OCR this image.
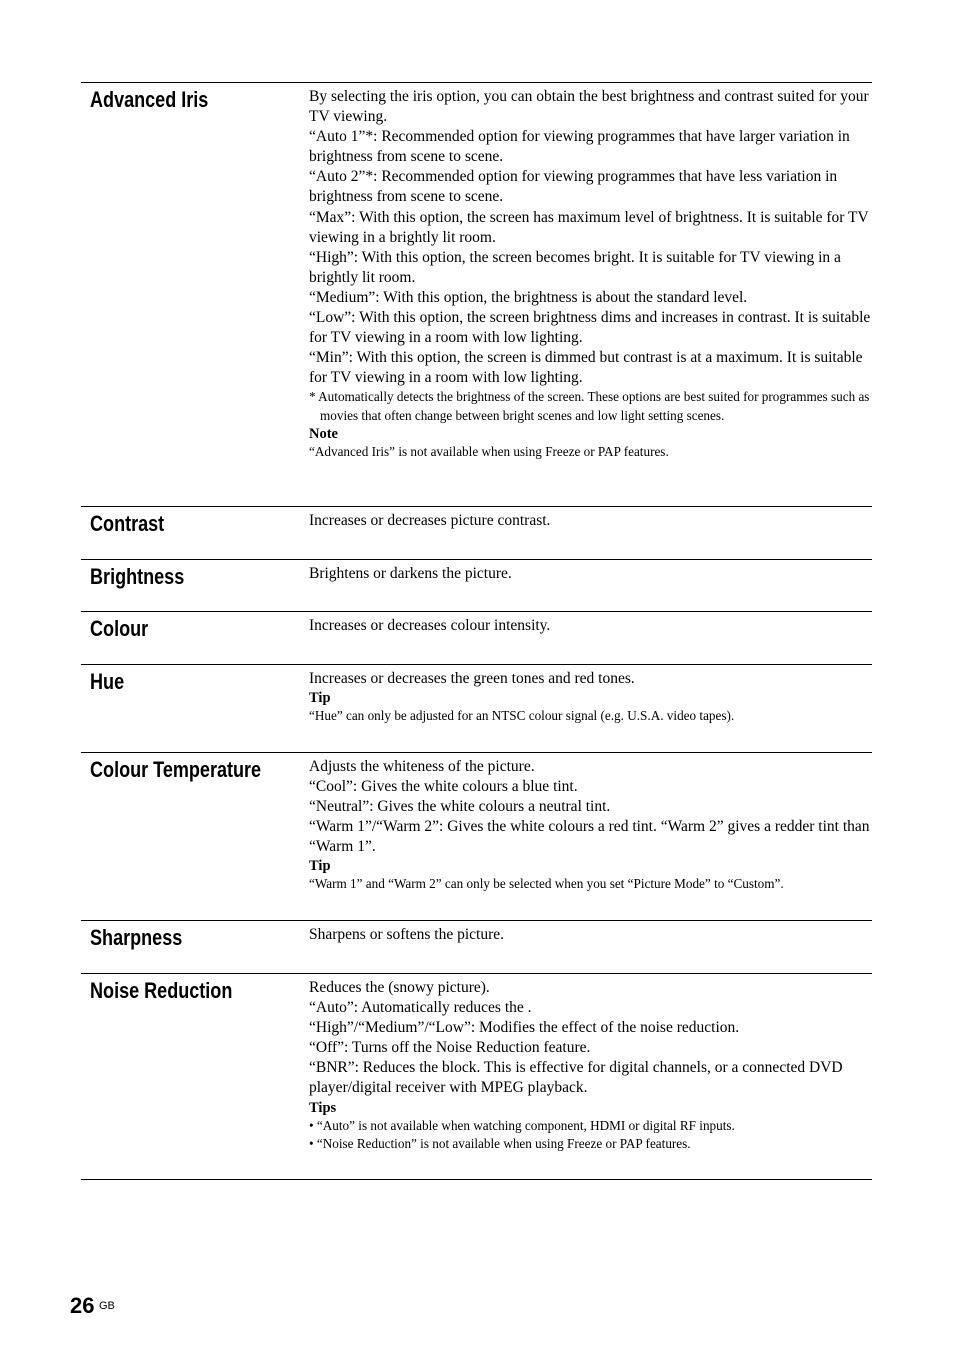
Advanced Iris	By selecting the iris option, you can obtain the best brightness and contrast suited for your TV viewing.

“Auto 1”*: Recommended option for viewing programmes that have larger variation in brightness from scene to scene.

“Auto 2”*: Recommended option for viewing programmes that have less variation in brightness from scene to scene.

“Max”: With this option, the screen has maximum level of brightness. It is suitable for TV viewing in a brightly lit room.

“High”: With this option, the screen becomes bright. It is suitable for TV viewing in a brightly lit room.

“Medium”: With this option, the brightness is about the standard level.

“Low”: With this option, the screen brightness dims and increases in contrast. It is suitable for TV viewing in a room with low lighting.

“Min”: With this option, the screen is dimmed but contrast is at a maximum. It is suitable for TV viewing in a room with low lighting.

* Automatically detects the brightness of the screen. These options are best suited for programmes such as movies that often change between bright scenes and low light setting scenes.

Note

“Advanced Iris” is not available when using Freeze or PAP features.

Contrast	Increases or decreases picture contrast.

Brightness	Brightens or darkens the picture.

Colour	Increases or decreases colour intensity.

Hue	Increases or decreases the green tones and red tones.

Tip

“Hue” can only be adjusted for an NTSC colour signal (e.g. U.S.A. video tapes).

Colour Temperature	Adjusts the whiteness of the picture.

“Cool”: Gives the white colours a blue tint.

“Neutral”: Gives the white colours a neutral tint.

“Warm 1”/“Warm 2”: Gives the white colours a red tint. “Warm 2” gives a redder tint than “Warm 1”.

Tip

“Warm 1” and “Warm 2” can only be selected when you set “Picture Mode” to “Custom”.

Sharpness	Sharpens or softens the picture.

Noise Reduction	Reduces the (snowy picture).

“Auto”: Automatically reduces the .

“High”/“Medium”/“Low”: Modifies the effect of the noise reduction.

“Off”: Turns off the Noise Reduction feature.

“BNR”: Reduces the block. This is effective for digital channels, or a connected DVD player/digital receiver with MPEG playback.

Tips

• “Auto” is not available when watching component, HDMI or digital RF inputs.

• “Noise Reduction” is not available when using Freeze or PAP features.

26 GB
